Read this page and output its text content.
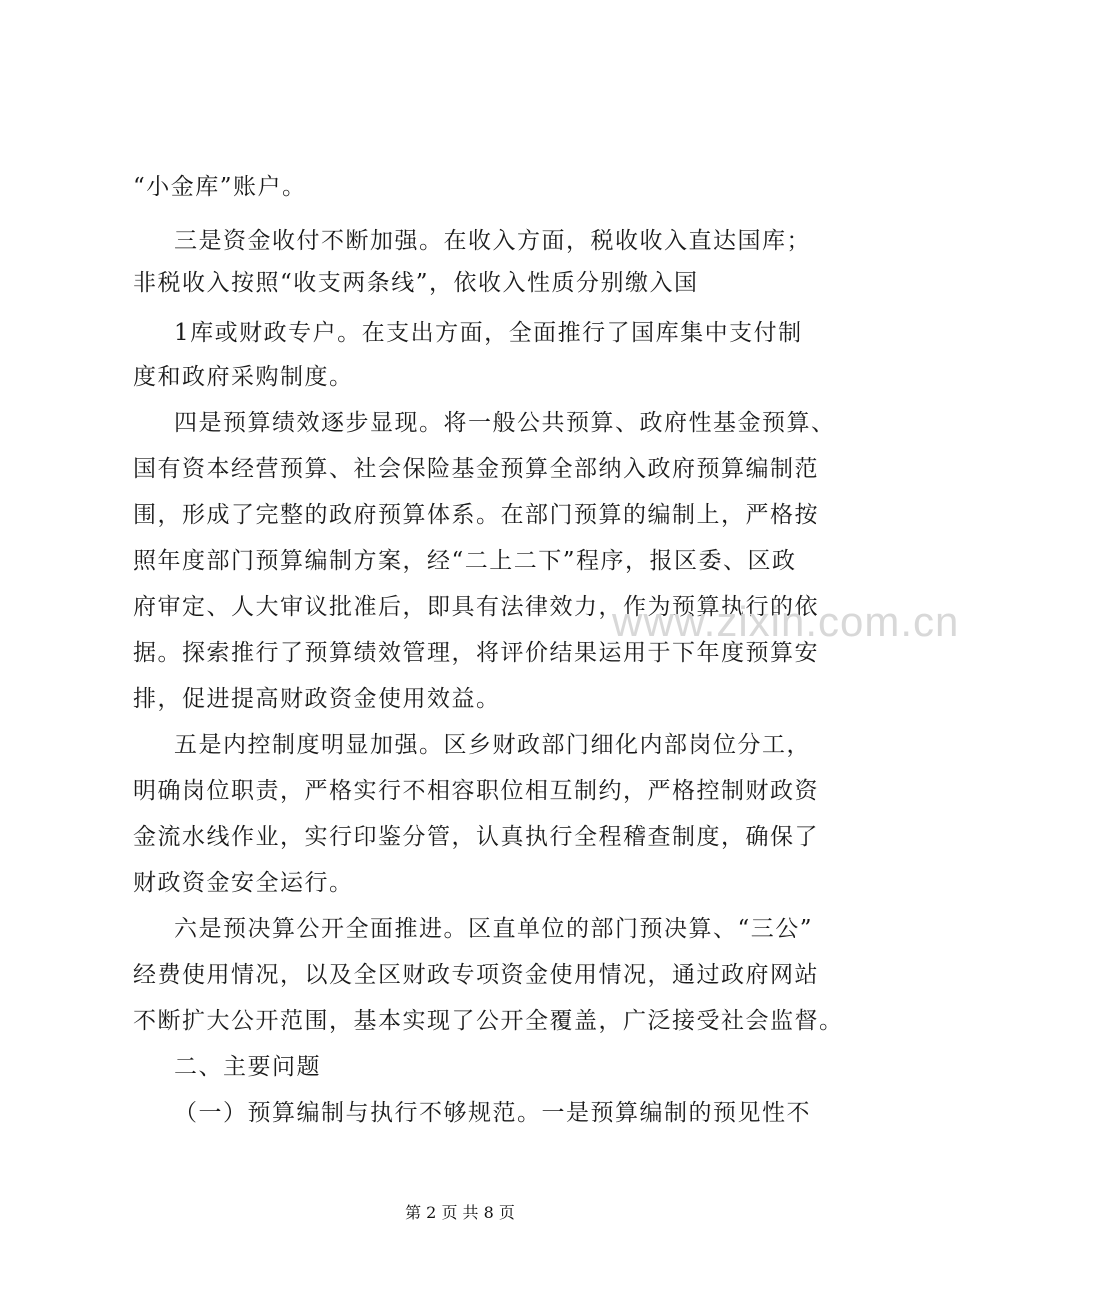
“小金库”账户。
三是资金收付不断加强。在收入方面，税收收入直达国库；
非税收入按照“收支两条线”，依收入性质分别缴入国
1库或财政专户。在支出方面，全面推行了国库集中支付制
度和政府采购制度。
四是预算绩效逐步显现。将一般公共预算、政府性基金预算、
国有资本经营预算、社会保险基金预算全部纳入政府预算编制范
围，形成了完整的政府预算体系。在部门预算的编制上，严格按
照年度部门预算编制方案，经“二上二下”程序，报区委、区政
府审定、人大审议批准后，即具有法律效力，作为预算执行的依
据。探索推行了预算绩效管理，将评价结果运用于下年度预算安
排，促进提高财政资金使用效益。
五是内控制度明显加强。区乡财政部门细化内部岗位分工，
明确岗位职责，严格实行不相容职位相互制约，严格控制财政资
金流水线作业，实行印鉴分管，认真执行全程稽查制度，确保了
财政资金安全运行。
六是预决算公开全面推进。区直单位的部门预决算、“三公”
经费使用情况，以及全区财政专项资金使用情况，通过政府网站
不断扩大公开范围，基本实现了公开全覆盖，广泛接受社会监督。
二、主要问题
（一）预算编制与执行不够规范。一是预算编制的预见性不
www.zixin.com.cn
第 2 页 共 8 页
